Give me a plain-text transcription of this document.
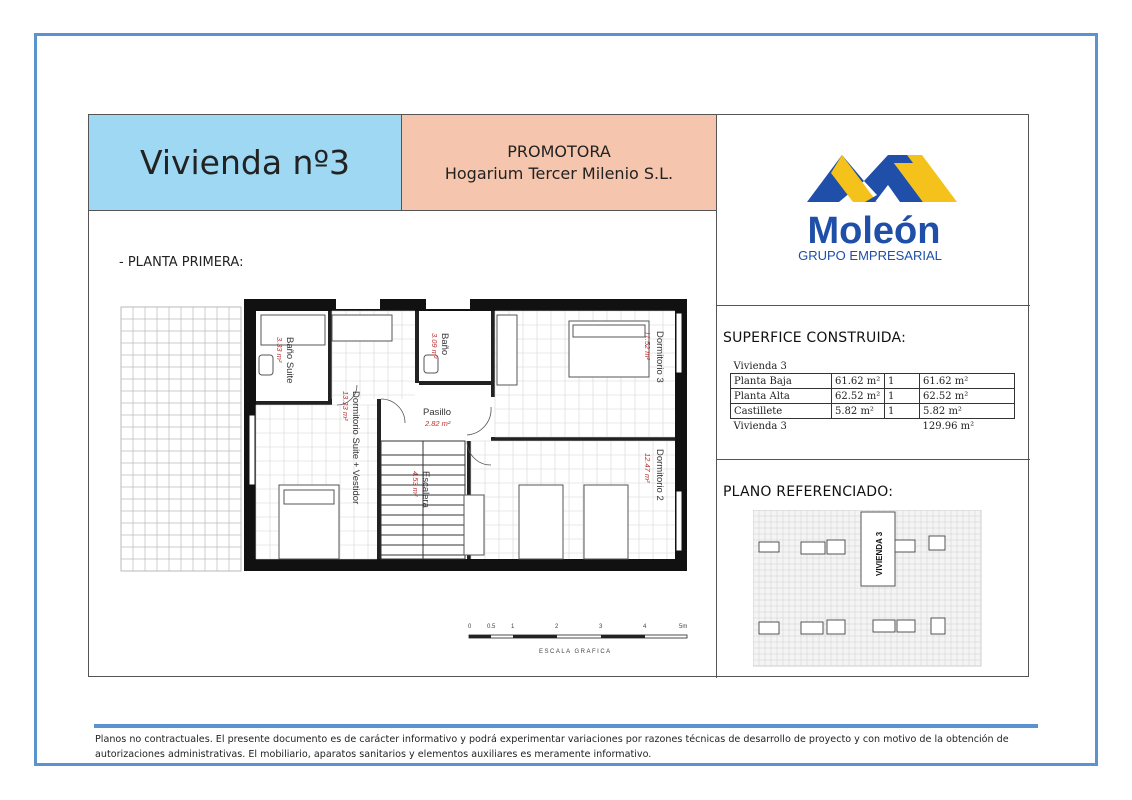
Vivienda nº3	PROMOTORA
Hogarium Tercer Milenio S.L.
- PLANTA PRIMERA:
Baño Suite
3.33 m²	Baño
3.09 m²	Dormitorio 3
11.52 m²
Dormitorio Suite + Vestidor
13.33 m²	Pasillo
2.82 m²
Escalera
4.53 m²	Dormitorio 2
12.47 m²
0	0.5	1	2	3	4	5m
ESCALA GRAFICA
Moleón
GRUPO EMPRESARIAL
SUPERFICE CONSTRUIDA:
Vivienda 3			
Planta Baja	61.62 m²	1	61.62 m²
Planta Alta	62.52 m²	1	62.52 m²
Castillete	5.82 m²	1	5.82 m²
Vivienda 3			129.96 m²
PLANO REFERENCIADO:
VIVIENDA 3
Planos no contractuales. El presente documento es de carácter informativo y podrá experimentar variaciones por razones técnicas de desarrollo de proyecto y con motivo de la obtención de autorizaciones administrativas. El mobiliario, aparatos sanitarios y elementos auxiliares es meramente informativo.
